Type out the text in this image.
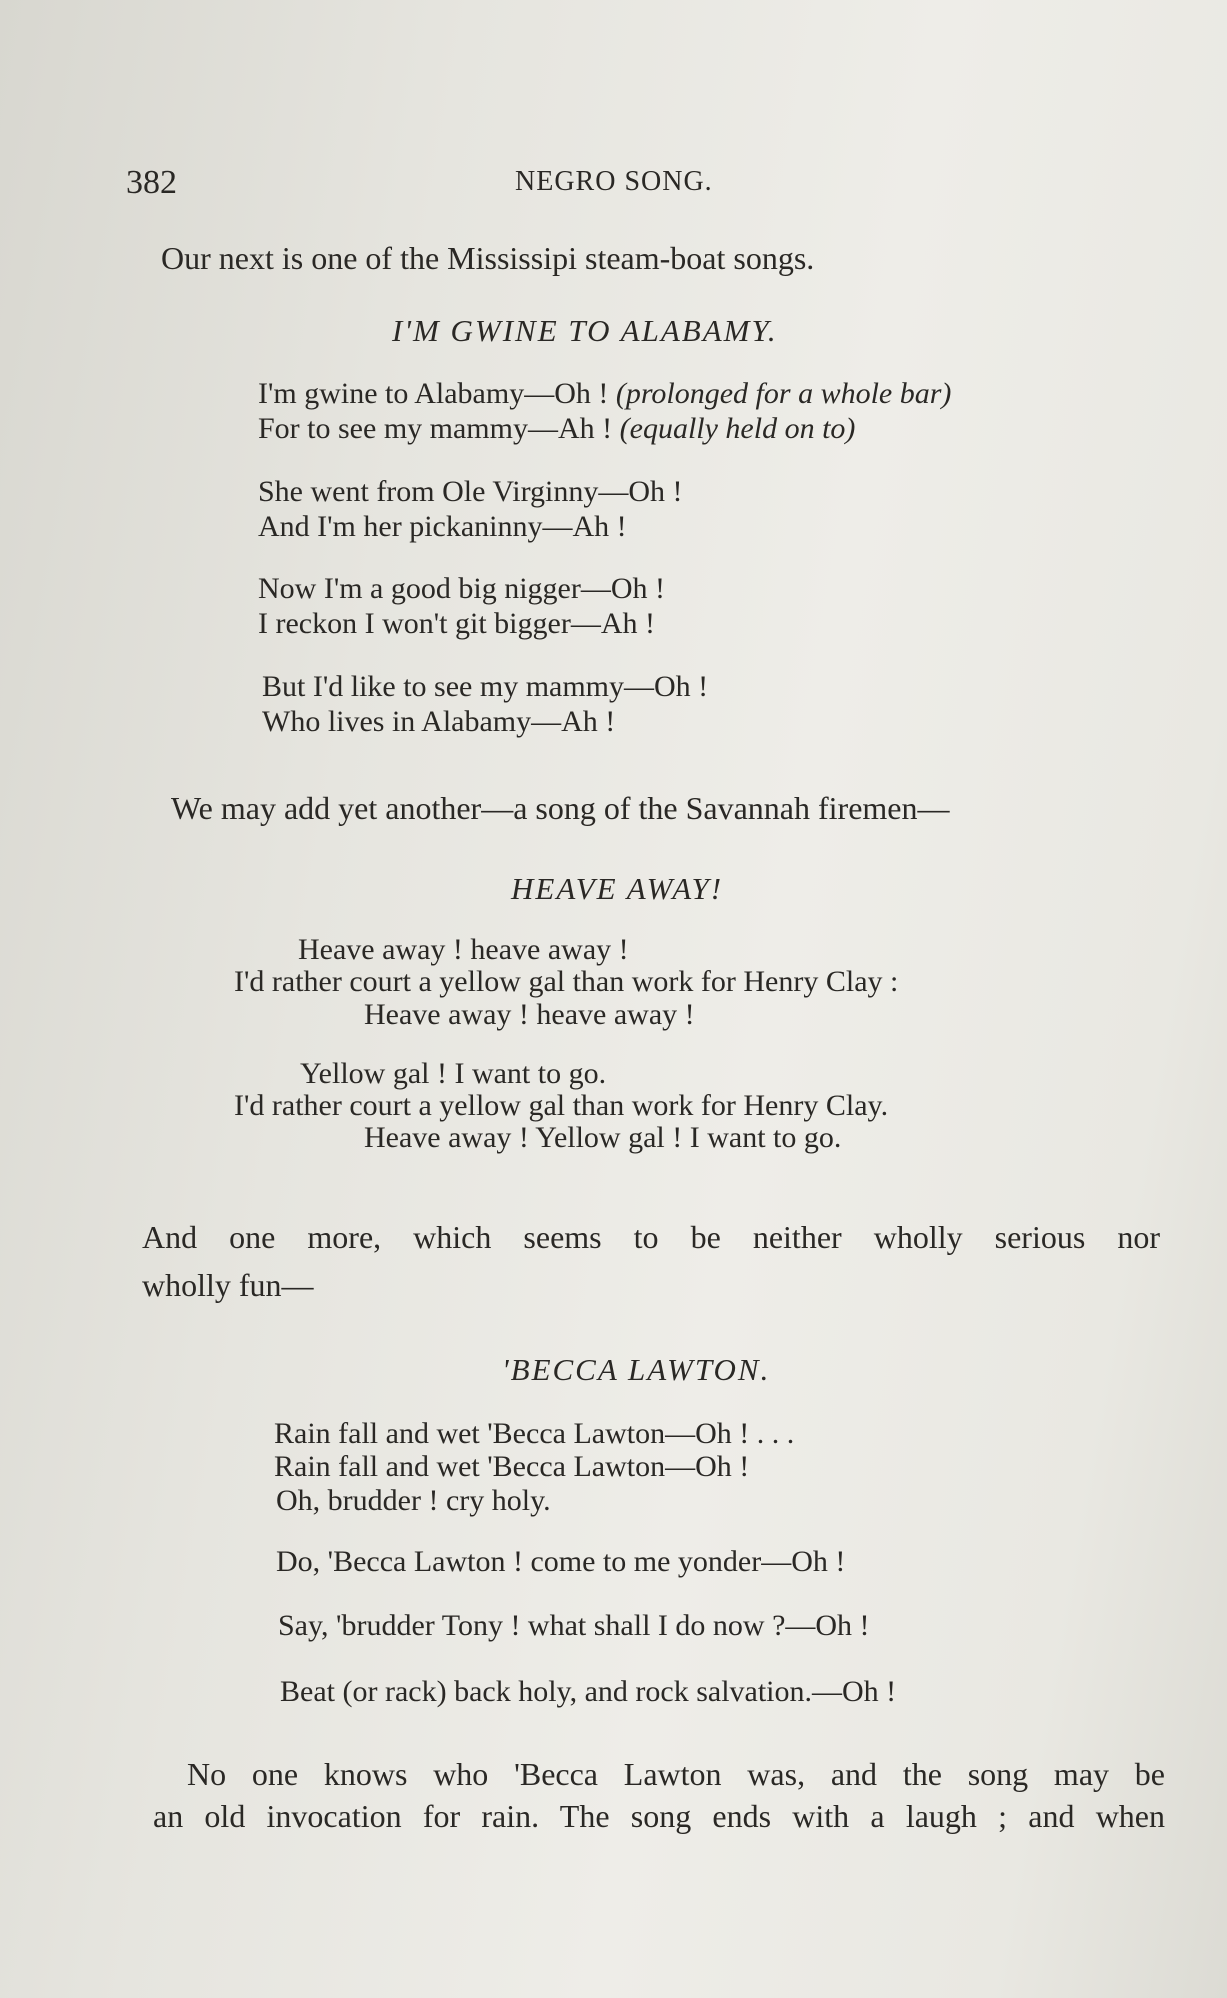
382	NEGRO SONG.
Our next is one of the Mississipi steam-boat songs.
I'M GWINE TO ALABAMY.
I'm gwine to Alabamy—Oh ! (prolonged for a whole bar)
For to see my mammy—Ah ! (equally held on to)
She went from Ole Virginny—Oh !
And I'm her pickaninny—Ah !
Now I'm a good big nigger—Oh !
I reckon I won't git bigger—Ah !
But I'd like to see my mammy—Oh !
Who lives in Alabamy—Ah !
We may add yet another—a song of the Savannah firemen—
HEAVE AWAY!
Heave away ! heave away !
I'd rather court a yellow gal than work for Henry Clay :
Heave away ! heave away !
Yellow gal ! I want to go.
I'd rather court a yellow gal than work for Henry Clay.
Heave away ! Yellow gal ! I want to go.
And one more, which seems to be neither wholly serious nor
wholly fun—
'BECCA LAWTON.
Rain fall and wet 'Becca Lawton—Oh ! . . .
Rain fall and wet 'Becca Lawton—Oh !
Oh, brudder ! cry holy.
Do, 'Becca Lawton ! come to me yonder—Oh !
Say, 'brudder Tony ! what shall I do now ?—Oh !
Beat (or rack) back holy, and rock salvation.—Oh !
No one knows who 'Becca Lawton was, and the song may be
an old invocation for rain. The song ends with a laugh ; and when
